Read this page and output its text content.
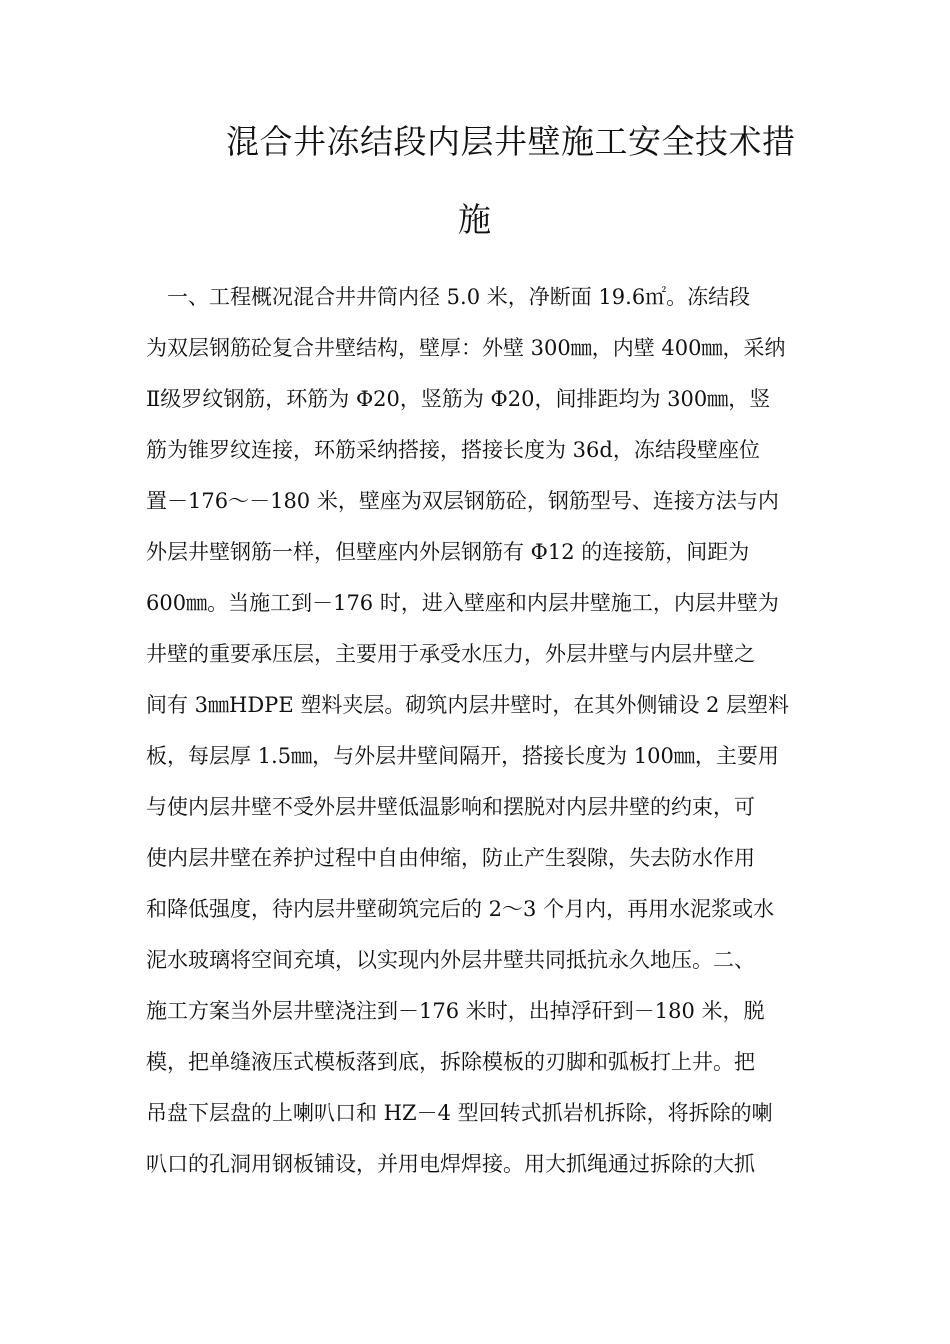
混合井冻结段内层井壁施工安全技术措
施
　一、工程概况混合井井筒内径 5.0 米，净断面 19.6㎡。冻结段
为双层钢筋砼复合井壁结构，壁厚：外壁 300㎜，内壁 400㎜，采纳
Ⅱ级罗纹钢筋，环筋为 Φ20，竖筋为 Φ20，间排距均为 300㎜，竖
筋为锥罗纹连接，环筋采纳搭接，搭接长度为 36d，冻结段壁座位
置－176～－180 米，壁座为双层钢筋砼，钢筋型号、连接方法与内
外层井壁钢筋一样，但壁座内外层钢筋有 Φ12 的连接筋，间距为
600㎜。当施工到－176 时，进入壁座和内层井壁施工，内层井壁为
井壁的重要承压层，主要用于承受水压力，外层井壁与内层井壁之
间有 3㎜HDPE 塑料夹层。砌筑内层井壁时，在其外侧铺设 2 层塑料
板，每层厚 1.5㎜，与外层井壁间隔开，搭接长度为 100㎜，主要用
与使内层井壁不受外层井壁低温影响和摆脱对内层井壁的约束，可
使内层井壁在养护过程中自由伸缩，防止产生裂隙，失去防水作用
和降低强度，待内层井壁砌筑完后的 2～3 个月内，再用水泥浆或水
泥水玻璃将空间充填，以实现内外层井壁共同抵抗永久地压。二、
施工方案当外层井壁浇注到－176 米时，出掉浮矸到－180 米，脱
模，把单缝液压式模板落到底，拆除模板的刃脚和弧板打上井。把
吊盘下层盘的上喇叭口和 HZ－4 型回转式抓岩机拆除，将拆除的喇
叭口的孔洞用钢板铺设，并用电焊焊接。用大抓绳通过拆除的大抓
